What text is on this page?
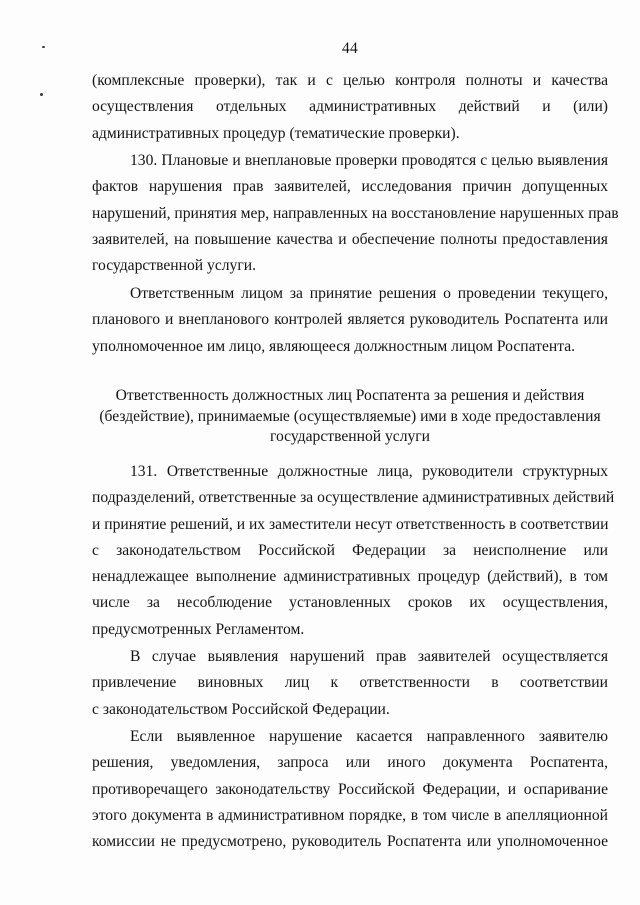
44
(комплексные проверки), так и с целью контроля полноты и качества
осуществления отдельных административных действий и (или)
административных процедур (тематические проверки).
130. Плановые и внеплановые проверки проводятся с целью выявления
фактов нарушения прав заявителей, исследования причин допущенных
нарушений, принятия мер, направленных на восстановление нарушенных прав
заявителей, на повышение качества и обеспечение полноты предоставления
государственной услуги.
Ответственным лицом за принятие решения о проведении текущего,
планового и внепланового контролей является руководитель Роспатента или
уполномоченное им лицо, являющееся должностным лицом Роспатента.
Ответственность должностных лиц Роспатента за решения и действия
(бездействие), принимаемые (осуществляемые) ими в ходе предоставления
государственной услуги
131. Ответственные должностные лица, руководители структурных
подразделений, ответственные за осуществление административных действий
и принятие решений, и их заместители несут ответственность в соответствии
с законодательством Российской Федерации за неисполнение или
ненадлежащее выполнение административных процедур (действий), в том
числе за несоблюдение установленных сроков их осуществления,
предусмотренных Регламентом.
В случае выявления нарушений прав заявителей осуществляется
привлечение виновных лиц к ответственности в соответствии
с законодательством Российской Федерации.
Если выявленное нарушение касается направленного заявителю
решения, уведомления, запроса или иного документа Роспатента,
противоречащего законодательству Российской Федерации, и оспаривание
этого документа в административном порядке, в том числе в апелляционной
комиссии не предусмотрено, руководитель Роспатента или уполномоченное
